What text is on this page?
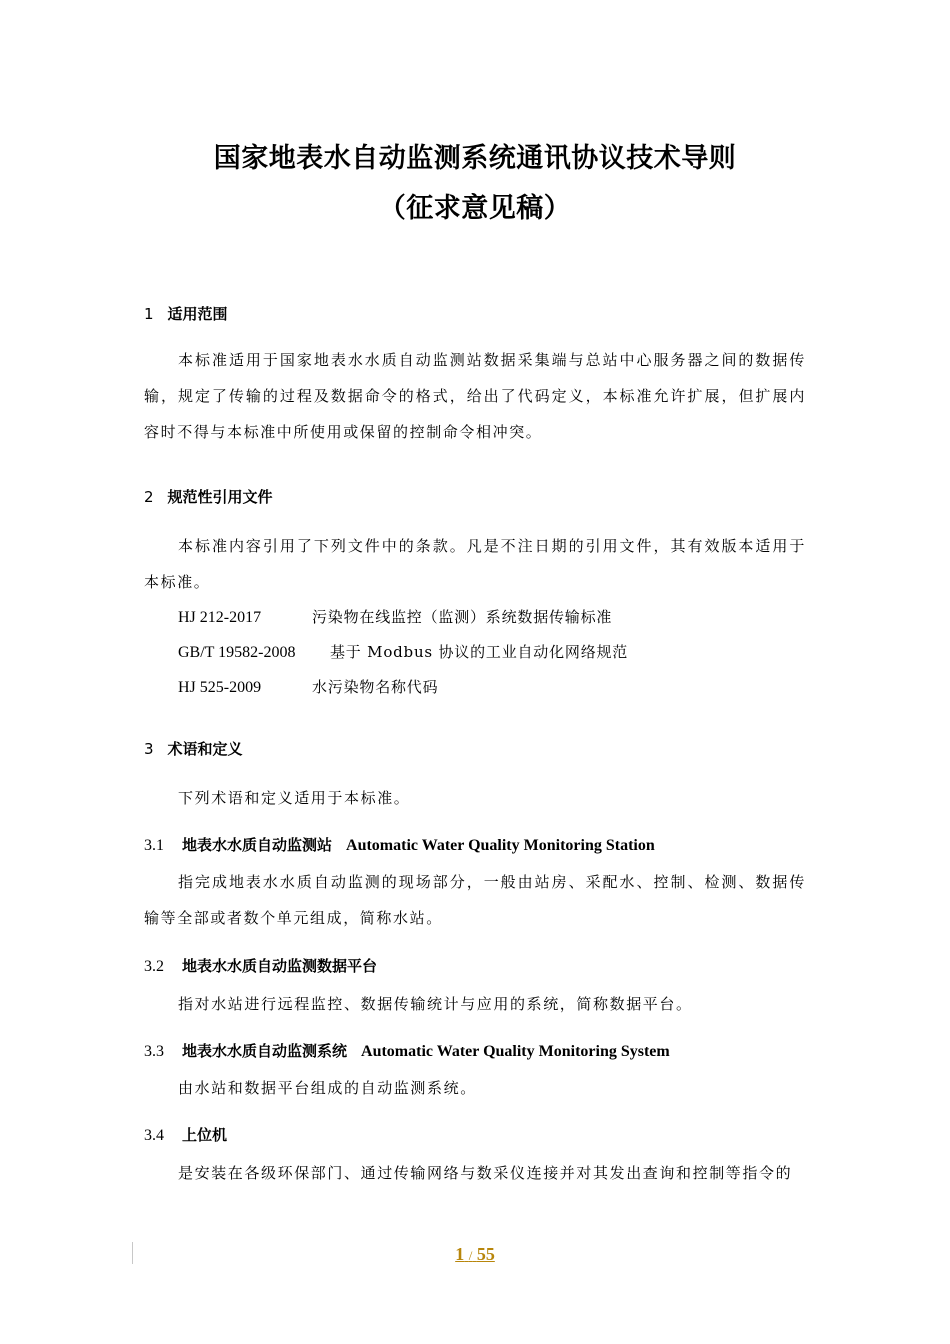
国家地表水自动监测系统通讯协议技术导则
（征求意见稿）
1 适用范围
本标准适用于国家地表水水质自动监测站数据采集端与总站中心服务器之间的数据传输，规定了传输的过程及数据命令的格式，给出了代码定义，本标准允许扩展，但扩展内容时不得与本标准中所使用或保留的控制命令相冲突。
2 规范性引用文件
本标准内容引用了下列文件中的条款。凡是不注日期的引用文件，其有效版本适用于本标准。
HJ 212-2017	污染物在线监控（监测）系统数据传输标准
GB/T 19582-2008 基于 Modbus 协议的工业自动化网络规范
HJ 525-2009	水污染物名称代码
3 术语和定义
下列术语和定义适用于本标准。
3.1 地表水水质自动监测站 Automatic Water Quality Monitoring Station
指完成地表水水质自动监测的现场部分，一般由站房、采配水、控制、检测、数据传输等全部或者数个单元组成，简称水站。
3.2 地表水水质自动监测数据平台
指对水站进行远程监控、数据传输统计与应用的系统，简称数据平台。
3.3 地表水水质自动监测系统 Automatic Water Quality Monitoring System
由水站和数据平台组成的自动监测系统。
3.4 上位机
是安装在各级环保部门、通过传输网络与数采仪连接并对其发出查询和控制等指令的
1 / 55
